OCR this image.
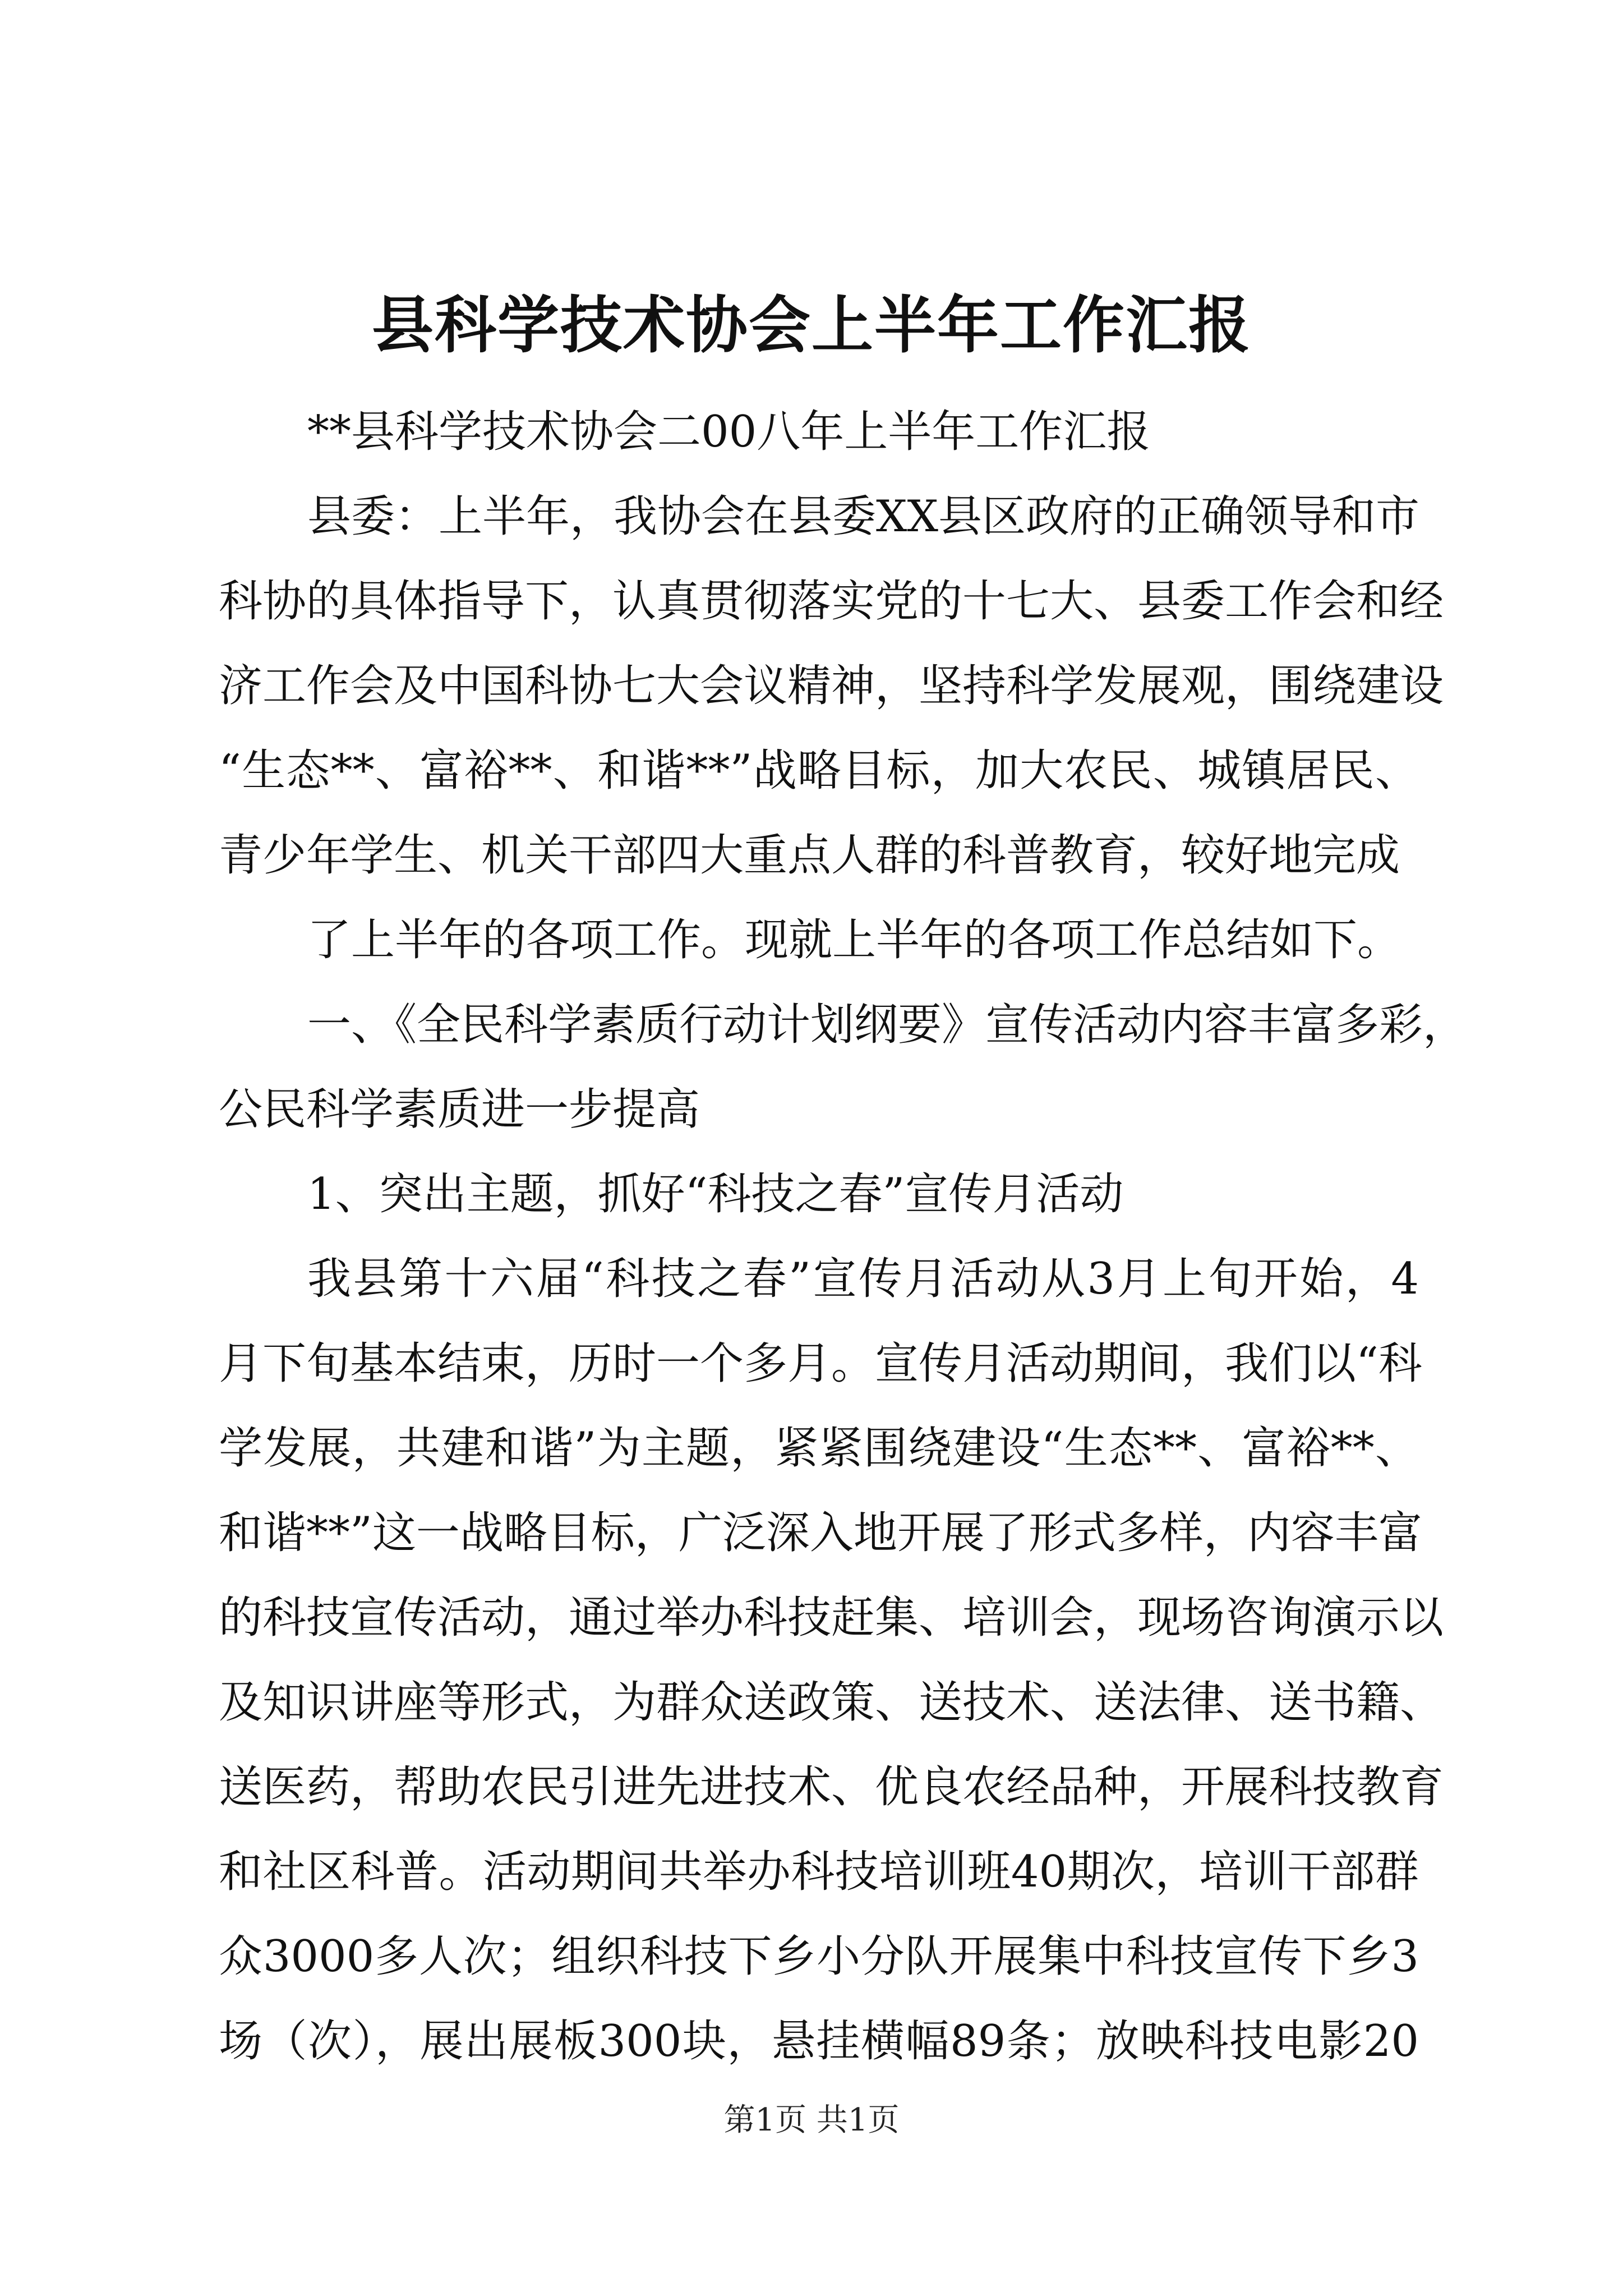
县科学技术协会上半年工作汇报
**县科学技术协会二00八年上半年工作汇报
县委：上半年，我协会在县委XX县区政府的正确领导和市
科协的具体指导下，认真贯彻落实党的十七大、县委工作会和经
济工作会及中国科协七大会议精神，坚持科学发展观，围绕建设
“生态**、富裕**、和谐**”战略目标，加大农民、城镇居民、
青少年学生、机关干部四大重点人群的科普教育，较好地完成
了上半年的各项工作。现就上半年的各项工作总结如下。
一、《全民科学素质行动计划纲要》宣传活动内容丰富多彩，
公民科学素质进一步提高
1、突出主题，抓好“科技之春”宣传月活动
我县第十六届“科技之春”宣传月活动从3月上旬开始，4
月下旬基本结束，历时一个多月。宣传月活动期间，我们以“科
学发展，共建和谐”为主题，紧紧围绕建设“生态**、富裕**、
和谐**”这一战略目标，广泛深入地开展了形式多样，内容丰富
的科技宣传活动，通过举办科技赶集、培训会，现场咨询演示以
及知识讲座等形式，为群众送政策、送技术、送法律、送书籍、
送医药，帮助农民引进先进技术、优良农经品种，开展科技教育
和社区科普。活动期间共举办科技培训班40期次，培训干部群
众3000多人次；组织科技下乡小分队开展集中科技宣传下乡3
场（次），展出展板300块，悬挂横幅89条；放映科技电影20
第1页 共1页
